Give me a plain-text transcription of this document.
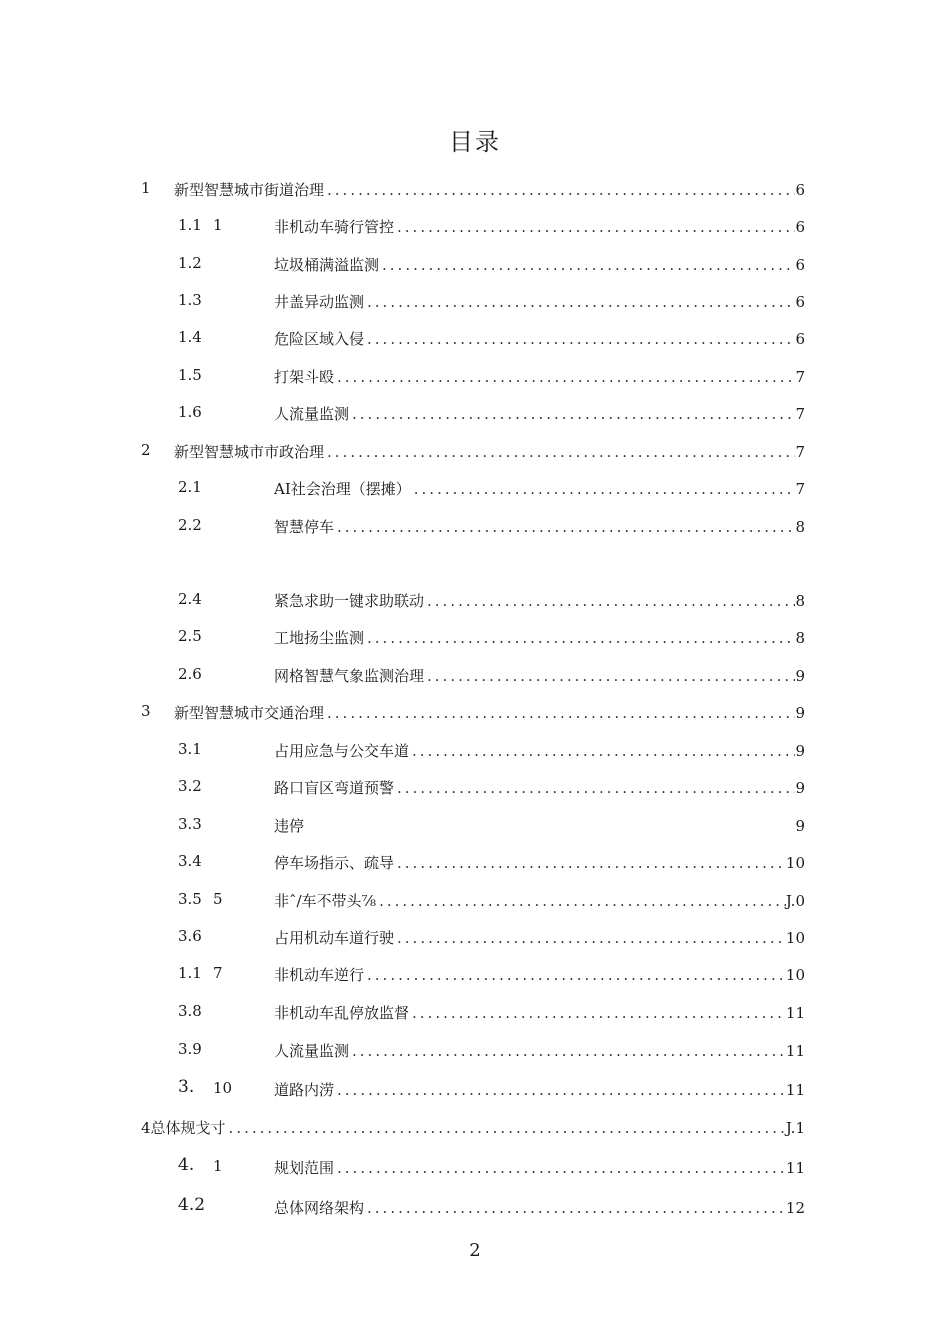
目录
1 新型智慧城市街道治理 .....	6
1.1 1	非机动车骑行管控 .....	6
1.2	垃圾桶满溢监测 .....	6
1.3	井盖异动监测 .....	6
1.4	危险区域入侵 .....	6
1.5	打架斗殴 .....	7
1.6	人流量监测 .....	7
2 新型智慧城市市政治理 .....	7
2.1	AI社会治理（摆摊） .....	7
2.2	智慧停车 .....	8
2.4	紧急求助一键求助联动 .....	8
2.5	工地扬尘监测 .....	8
2.6	网格智慧气象监测治理 .....	9
3 新型智慧城市交通治理 .....	9
3.1	占用应急与公交车道 .....	9
3.2	路口盲区弯道预警 .....	9
3.3	违停	9
3.4	停车场指示、疏导 .....	10
3.5 5	非ˆ/车不带头⅞ .....	J.0
3.6	占用机动车道行驶 .....	10
1.1 7	非机动车逆行 .....	10
3.8	非机动车乱停放监督 .....	11
3.9	人流量监测 .....	11
3. 10	道路内涝 .....	11
4总体规戈寸 .....	J.1
4. 1	规划范围 .....	11
4.2	总体网络架构 .....	12
2
